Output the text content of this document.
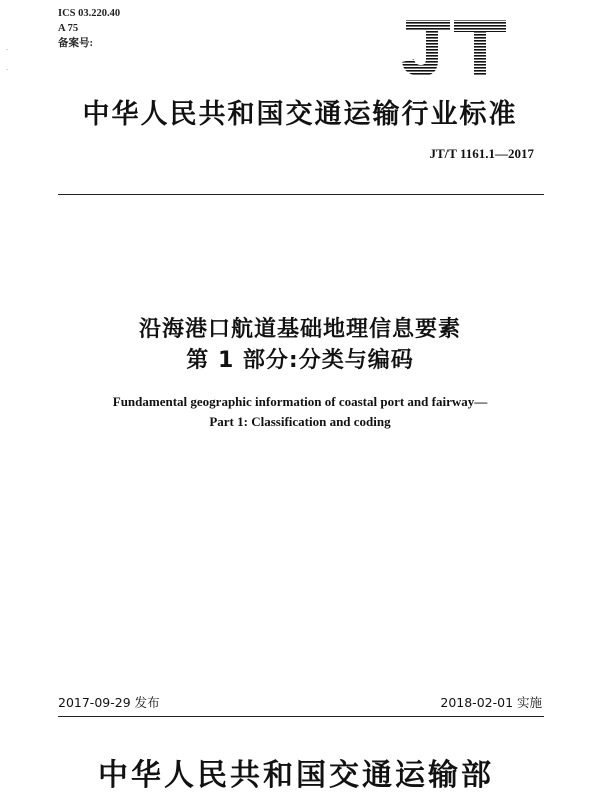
·
·
ICS 03.220.40
A 75
备案号:
中华人民共和国交通运输行业标准
JT/T 1161.1—2017
沿海港口航道基础地理信息要素
第 1 部分:分类与编码
Fundamental geographic information of coastal port and fairway—
Part 1: Classification and coding
2017-09-29 发布	2018-02-01 实施
中华人民共和国交通运输部
